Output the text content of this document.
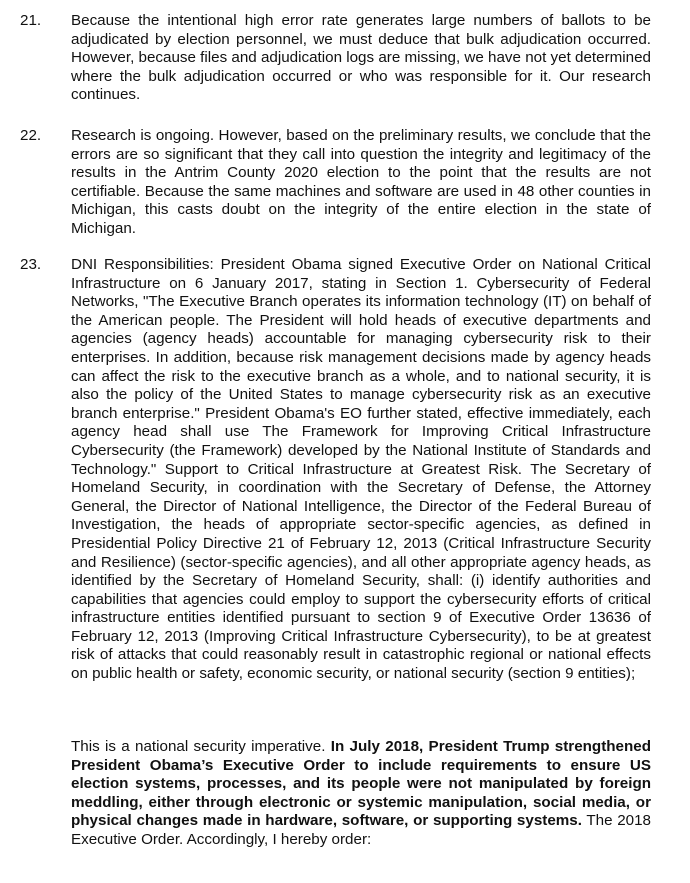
21. Because the intentional high error rate generates large numbers of ballots to be adjudicated by election personnel, we must deduce that bulk adjudication occurred. However, because files and adjudication logs are missing, we have not yet determined where the bulk adjudication occurred or who was responsible for it. Our research continues.
22. Research is ongoing. However, based on the preliminary results, we conclude that the errors are so significant that they call into question the integrity and legitimacy of the results in the Antrim County 2020 election to the point that the results are not certifiable. Because the same machines and software are used in 48 other counties in Michigan, this casts doubt on the integrity of the entire election in the state of Michigan.
23. DNI Responsibilities: President Obama signed Executive Order on National Critical Infrastructure on 6 January 2017, stating in Section 1. Cybersecurity of Federal Networks, "The Executive Branch operates its information technology (IT) on behalf of the American people. The President will hold heads of executive departments and agencies (agency heads) accountable for managing cybersecurity risk to their enterprises. In addition, because risk management decisions made by agency heads can affect the risk to the executive branch as a whole, and to national security, it is also the policy of the United States to manage cybersecurity risk as an executive branch enterprise." President Obama's EO further stated, effective immediately, each agency head shall use The Framework for Improving Critical Infrastructure Cybersecurity (the Framework) developed by the National Institute of Standards and Technology." Support to Critical Infrastructure at Greatest Risk. The Secretary of Homeland Security, in coordination with the Secretary of Defense, the Attorney General, the Director of National Intelligence, the Director of the Federal Bureau of Investigation, the heads of appropriate sector-specific agencies, as defined in Presidential Policy Directive 21 of February 12, 2013 (Critical Infrastructure Security and Resilience) (sector-specific agencies), and all other appropriate agency heads, as identified by the Secretary of Homeland Security, shall: (i) identify authorities and capabilities that agencies could employ to support the cybersecurity efforts of critical infrastructure entities identified pursuant to section 9 of Executive Order 13636 of February 12, 2013 (Improving Critical Infrastructure Cybersecurity), to be at greatest risk of attacks that could reasonably result in catastrophic regional or national effects on public health or safety, economic security, or national security (section 9 entities);
This is a national security imperative. In July 2018, President Trump strengthened President Obama’s Executive Order to include requirements to ensure US election systems, processes, and its people were not manipulated by foreign meddling, either through electronic or systemic manipulation, social media, or physical changes made in hardware, software, or supporting systems. The 2018 Executive Order. Accordingly, I hereby order:
